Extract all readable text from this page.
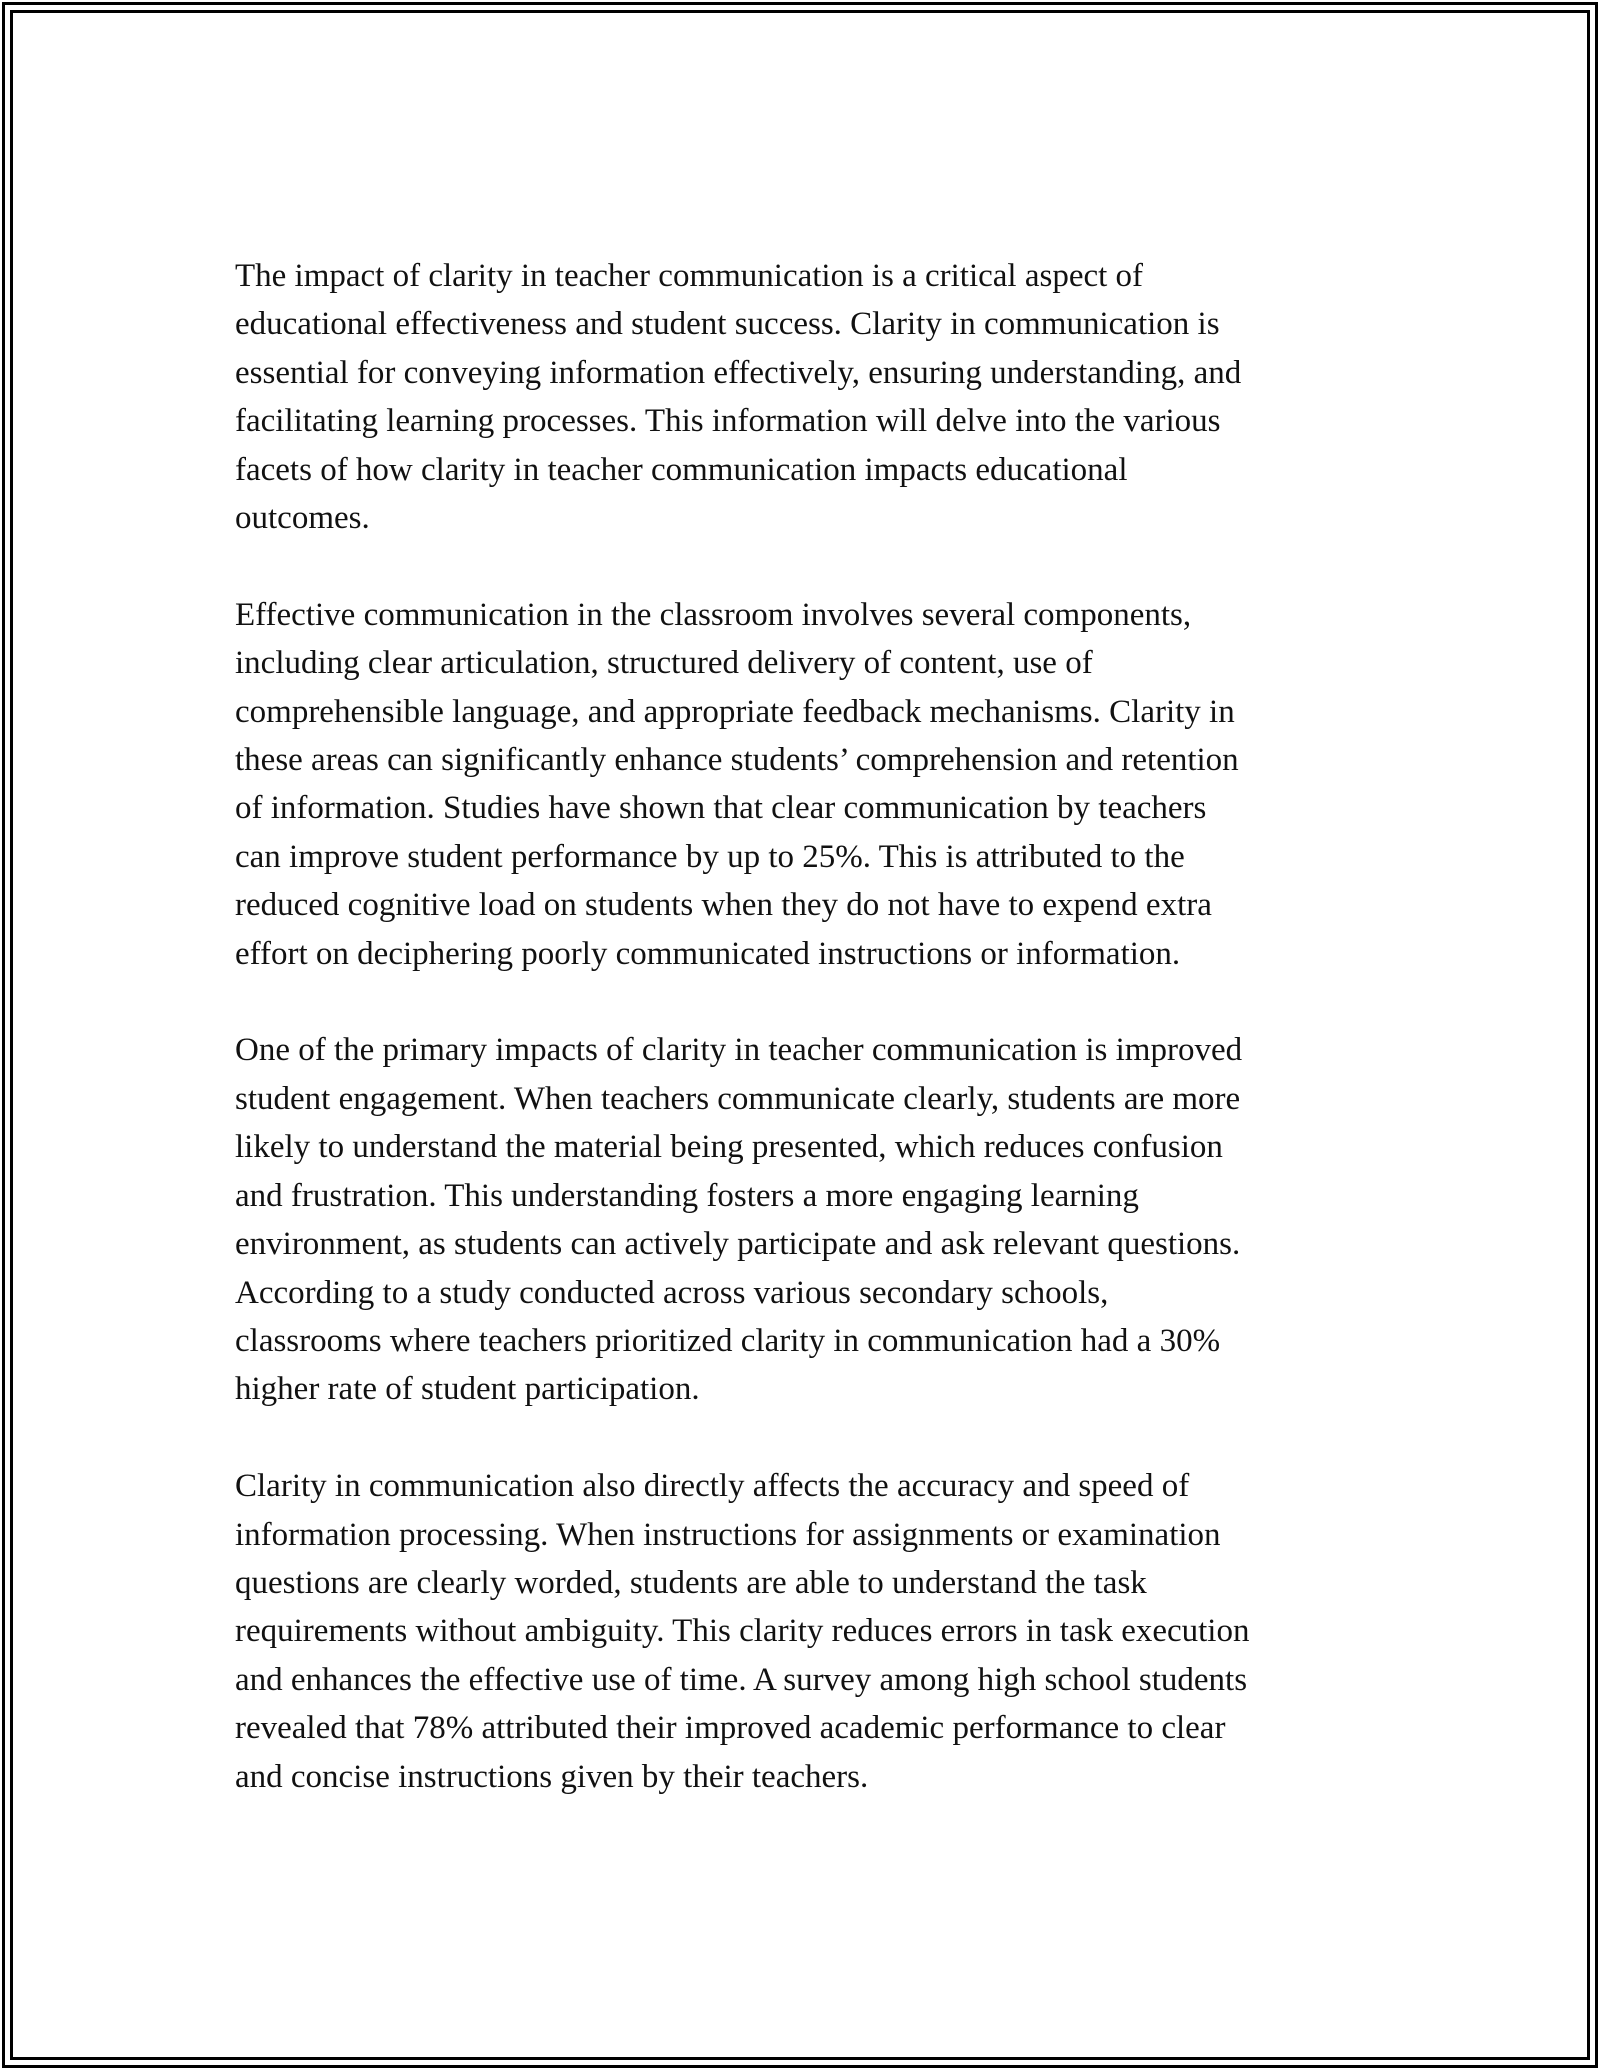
The impact of clarity in teacher communication is a critical aspect of
educational effectiveness and student success. Clarity in communication is
essential for conveying information effectively, ensuring understanding, and
facilitating learning processes. This information will delve into the various
facets of how clarity in teacher communication impacts educational
outcomes.

Effective communication in the classroom involves several components,
including clear articulation, structured delivery of content, use of
comprehensible language, and appropriate feedback mechanisms. Clarity in
these areas can significantly enhance students’ comprehension and retention
of information. Studies have shown that clear communication by teachers
can improve student performance by up to 25%. This is attributed to the
reduced cognitive load on students when they do not have to expend extra
effort on deciphering poorly communicated instructions or information.

One of the primary impacts of clarity in teacher communication is improved
student engagement. When teachers communicate clearly, students are more
likely to understand the material being presented, which reduces confusion
and frustration. This understanding fosters a more engaging learning
environment, as students can actively participate and ask relevant questions.
According to a study conducted across various secondary schools,
classrooms where teachers prioritized clarity in communication had a 30%
higher rate of student participation.

Clarity in communication also directly affects the accuracy and speed of
information processing. When instructions for assignments or examination
questions are clearly worded, students are able to understand the task
requirements without ambiguity. This clarity reduces errors in task execution
and enhances the effective use of time. A survey among high school students
revealed that 78% attributed their improved academic performance to clear
and concise instructions given by their teachers.
